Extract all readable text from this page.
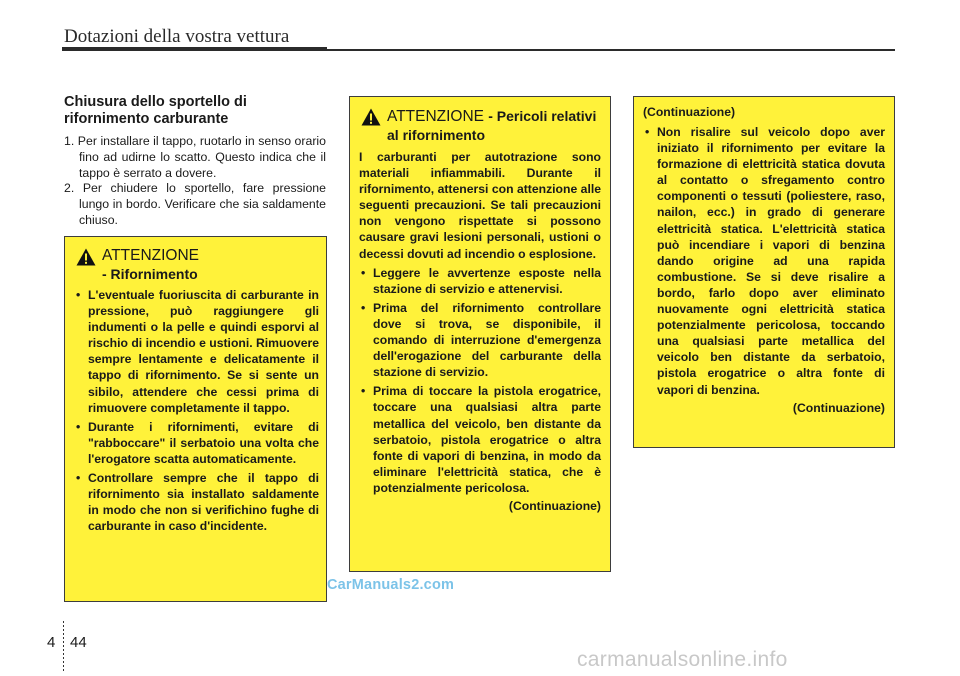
Dotazioni della vostra vettura
Chiusura dello sportello di rifornimento carburante
1. Per installare il tappo, ruotarlo in senso orario fino ad udirne lo scatto. Questo indica che il tappo è serrato a dovere.
2. Per chiudere lo sportello, fare pressione lungo in bordo. Verificare che sia saldamente chiuso.
ATTENZIONE
- Rifornimento
• L'eventuale fuoriuscita di carburante in pressione, può raggiungere gli indumenti o la pelle e quindi esporvi al rischio di incendio e ustioni. Rimuovere sempre lentamente e delicatamente il tappo di rifornimento. Se si sente un sibilo, attendere che cessi prima di rimuovere completamente il tappo.
• Durante i rifornimenti, evitare di "rabboccare" il serbatoio una volta che l'erogatore scatta automaticamente.
• Controllare sempre che il tappo di rifornimento sia installato saldamente in modo che non si verifichino fughe di carburante in caso d'incidente.
ATTENZIONE - Pericoli relativi al rifornimento

I carburanti per autotrazione sono materiali infiammabili. Durante il rifornimento, attenersi con attenzione alle seguenti precauzioni. Se tali precauzioni non vengono rispettate si possono causare gravi lesioni personali, ustioni o decessi dovuti ad incendio o esplosione.

• Leggere le avvertenze esposte nella stazione di servizio e attenervisi.
• Prima del rifornimento controllare dove si trova, se disponibile, il comando di interruzione d'emergenza dell'erogazione del carburante della stazione di servizio.
• Prima di toccare la pistola erogatrice, toccare una qualsiasi altra parte metallica del veicolo, ben distante da serbatoio, pistola erogatrice o altra fonte di vapori di benzina, in modo da eliminare l'elettricità statica, che è potenzialmente pericolosa.
(Continuazione)
(Continuazione)
• Non risalire sul veicolo dopo aver iniziato il rifornimento per evitare la formazione di elettricità statica dovuta al contatto o sfregamento contro componenti o tessuti (poliestere, raso, nailon, ecc.) in grado di generare elettricità statica. L'elettricità statica può incendiare i vapori di benzina dando origine ad una rapida combustione. Se si deve risalire a bordo, farlo dopo aver eliminato nuovamente ogni elettricità statica potenzialmente pericolosa, toccando una qualsiasi parte metallica del veicolo ben distante da serbatoio, pistola erogatrice o altra fonte di vapori di benzina.
(Continuazione)
CarManuals2.com
4 44
carmanualsonline.info
